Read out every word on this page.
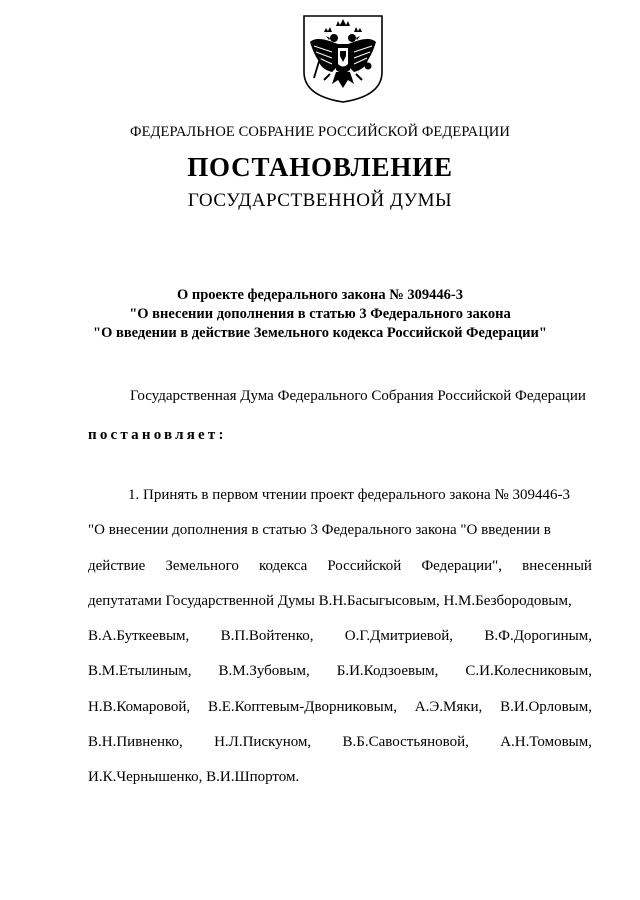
ФЕДЕРАЛЬНОЕ СОБРАНИЕ РОССИЙСКОЙ ФЕДЕРАЦИИ
ПОСТАНОВЛЕНИЕ
ГОСУДАРСТВЕННОЙ ДУМЫ
О проекте федерального закона № 309446-3
"О внесении дополнения в статью 3 Федерального закона
"О введении в действие Земельного кодекса Российской Федерации"
Государственная Дума Федерального Собрания Российской Федерации
постановляет:
1. Принять в первом чтении проект федерального закона № 309446-3
"О внесении дополнения в статью 3 Федерального закона "О введении в
действие Земельного кодекса Российской Федерации", внесенный
депутатами Государственной Думы В.Н.Басыгысовым, Н.М.Безбородовым,
В.А.Буткеевым, В.П.Войтенко, О.Г.Дмитриевой, В.Ф.Дорогиным,
В.М.Етылиным, В.М.Зубовым, Б.И.Кодзоевым, С.И.Колесниковым,
Н.В.Комаровой, В.Е.Коптевым-Дворниковым, А.Э.Мяки, В.И.Орловым,
В.Н.Пивненко, Н.Л.Пискуном, В.Б.Савостьяновой, А.Н.Томовым,
И.К.Чернышенко, В.И.Шпортом.
